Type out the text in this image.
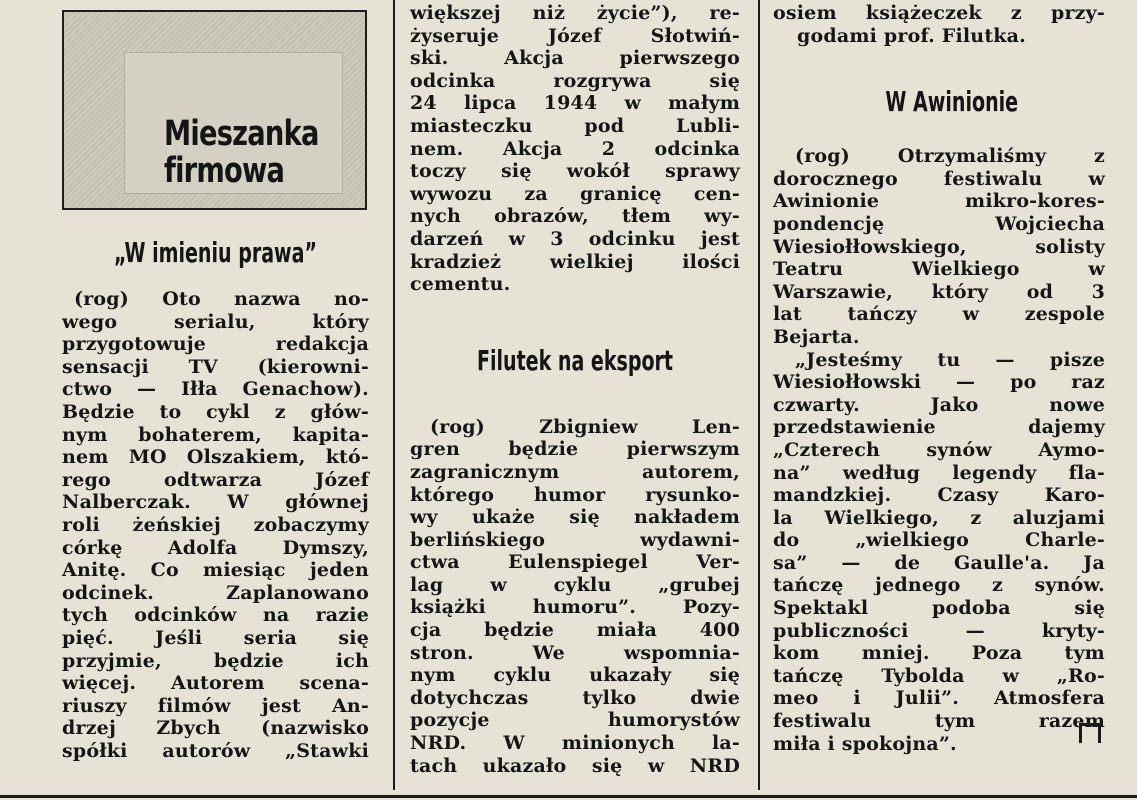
Mieszanka
firmowa
„W imieniu prawa”

(rog) Oto nazwa no-
wego serialu, który
przygotowuje redakcja
sensacji TV (kierowni-
ctwo — Iłła Genachow).
Będzie to cykl z głów-
nym bohaterem, kapita-
nem MO Olszakiem, któ-
rego odtwarza Józef
Nalberczak. W głównej
roli żeńskiej zobaczymy
córkę Adolfa Dymszy,
Anitę. Co miesiąc jeden
odcinek. Zaplanowano
tych odcinków na razie
pięć. Jeśli seria się
przyjmie, będzie ich
więcej. Autorem scena-
riuszy filmów jest An-
drzej Zbych (nazwisko
spółki autorów „Stawki

większej niż życie”), re-
żyseruje Józef Słotwiń-
ski. Akcja pierwszego
odcinka rozgrywa się
24 lipca 1944 w małym
miasteczku pod Lubli-
nem. Akcja 2 odcinka
toczy się wokół sprawy
wywozu za granicę cen-
nych obrazów, tłem wy-
darzeń w 3 odcinku jest
kradzież wielkiej ilości
cementu.

Filutek na eksport

(rog) Zbigniew Len-
gren będzie pierwszym
zagranicznym autorem,
którego humor rysunko-
wy ukaże się nakładem
berlińskiego wydawni-
ctwa Eulenspiegel Ver-
lag w cyklu „grubej
książki humoru”. Pozy-
cja będzie miała 400
stron. We wspomnia-
nym cyklu ukazały się
dotychczas tylko dwie
pozycje humorystów
NRD. W minionych la-
tach ukazało się w NRD

osiem książeczek z przy-
godami prof. Filutka.

W Awinionie

(rog) Otrzymaliśmy z
dorocznego festiwalu w
Awinionie mikro-kores-
pondencję Wojciecha
Wiesiołłowskiego, solisty
Teatru Wielkiego w
Warszawie, który od 3
lat tańczy w zespole
Bejarta.
„Jesteśmy tu — pisze
Wiesiołłowski — po raz
czwarty. Jako nowe
przedstawienie dajemy
„Czterech synów Aymo-
na” według legendy fla-
mandzkiej. Czasy Karo-
la Wielkiego, z aluzjami
do „wielkiego Charle-
sa” — de Gaulle'a. Ja
tańczę jednego z synów.
Spektakl podoba się
publiczności — kryty-
kom mniej. Poza tym
tańczę Tybolda w „Ro-
meo i Julii”. Atmosfera
festiwalu tym razem
miła i spokojna”.
